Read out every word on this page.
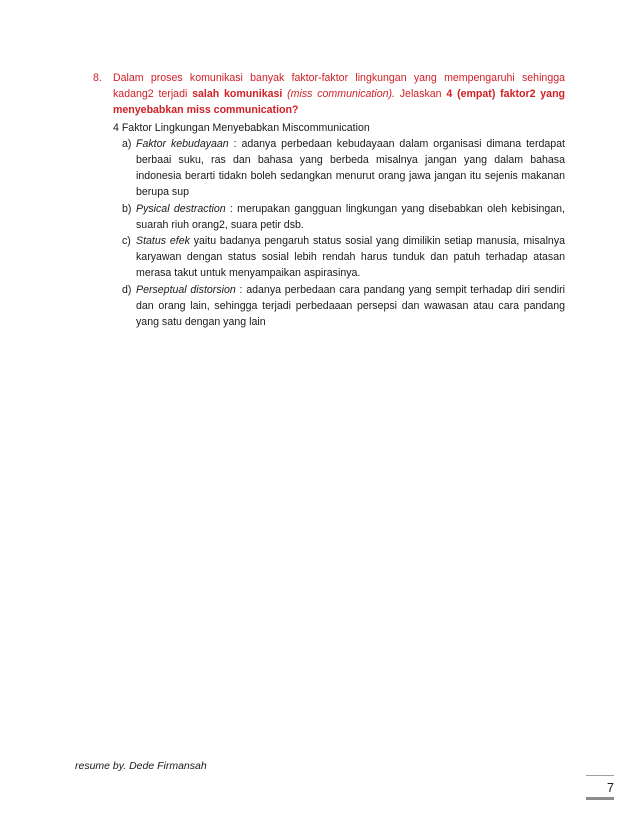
8. Dalam proses komunikasi banyak faktor-faktor lingkungan yang mempengaruhi sehingga kadang2 terjadi salah komunikasi (miss communication). Jelaskan 4 (empat) faktor2 yang menyebabkan miss communication?
4 Faktor Lingkungan Menyebabkan Miscommunication
a) Faktor kebudayaan : adanya perbedaan kebudayaan dalam organisasi dimana terdapat berbaai suku, ras dan bahasa yang berbeda misalnya jangan yang dalam bahasa indonesia berarti tidakn boleh sedangkan menurut orang jawa jangan itu sejenis makanan berupa sup
b) Pysical destraction : merupakan gangguan lingkungan yang disebabkan oleh kebisingan, suarah riuh orang2, suara petir dsb.
c) Status efek yaitu badanya pengaruh status sosial yang dimilikin setiap manusia, misalnya karyawan dengan status sosial lebih rendah harus tunduk dan patuh terhadap atasan merasa takut untuk menyampaikan aspirasinya.
d) Perseptual distorsion : adanya perbedaan cara pandang yang sempit terhadap diri sendiri dan orang lain, sehingga terjadi perbedaaan persepsi dan wawasan atau cara pandang yang satu dengan yang lain
resume by. Dede Firmansah
7
